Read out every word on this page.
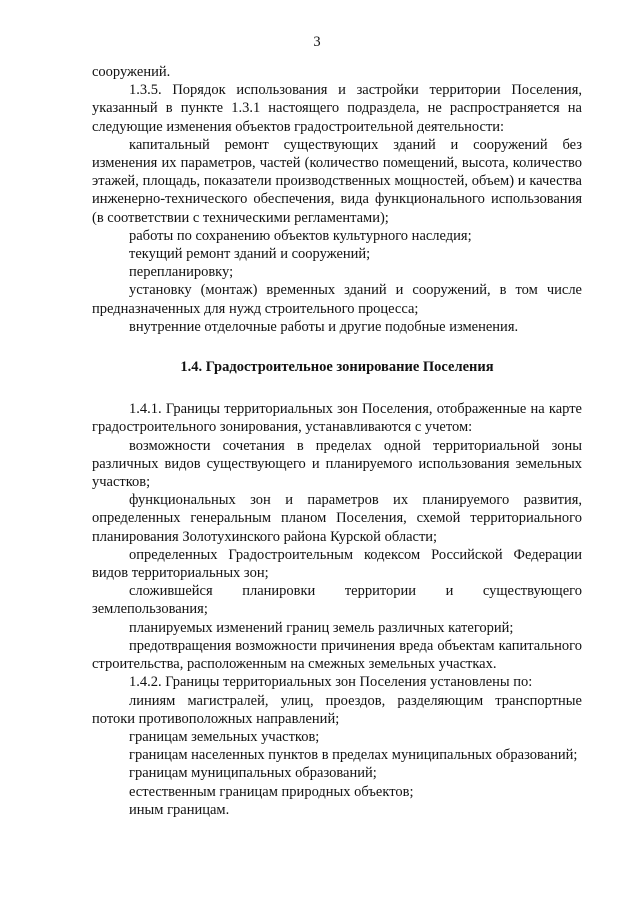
3

сооружений.

1.3.5. Порядок использования и застройки территории Поселения, указанный в пункте 1.3.1 настоящего подраздела, не распространяется на следующие изменения объектов градостроительной деятельности:

капитальный ремонт существующих зданий и сооружений без изменения их параметров, частей (количество помещений, высота, количество этажей, площадь, показатели производственных мощностей, объем) и качества инженерно-технического обеспечения, вида функционального использования (в соответствии с техническими регламентами);

работы по сохранению объектов культурного наследия;

текущий ремонт зданий и сооружений;

перепланировку;

установку (монтаж) временных зданий и сооружений, в том числе предназначенных для нужд строительного процесса;

внутренние отделочные работы и другие подобные изменения.

1.4. Градостроительное зонирование Поселения

1.4.1. Границы территориальных зон Поселения, отображенные на карте градостроительного зонирования, устанавливаются с учетом:

возможности сочетания в пределах одной территориальной зоны различных видов существующего и планируемого использования земельных участков;

функциональных зон и параметров их планируемого развития, определенных генеральным планом Поселения, схемой территориального планирования Золотухинского района Курской области;

определенных Градостроительным кодексом Российской Федерации видов территориальных зон;

сложившейся планировки территории и существующего землепользования;

планируемых изменений границ земель различных категорий;

предотвращения возможности причинения вреда объектам капитального строительства, расположенным на смежных земельных участках.

1.4.2. Границы территориальных зон Поселения установлены по:

линиям магистралей, улиц, проездов, разделяющим транспортные потоки противоположных направлений;

границам земельных участков;

границам населенных пунктов в пределах муниципальных образований;

границам муниципальных образований;

естественным границам природных объектов;

иным границам.
